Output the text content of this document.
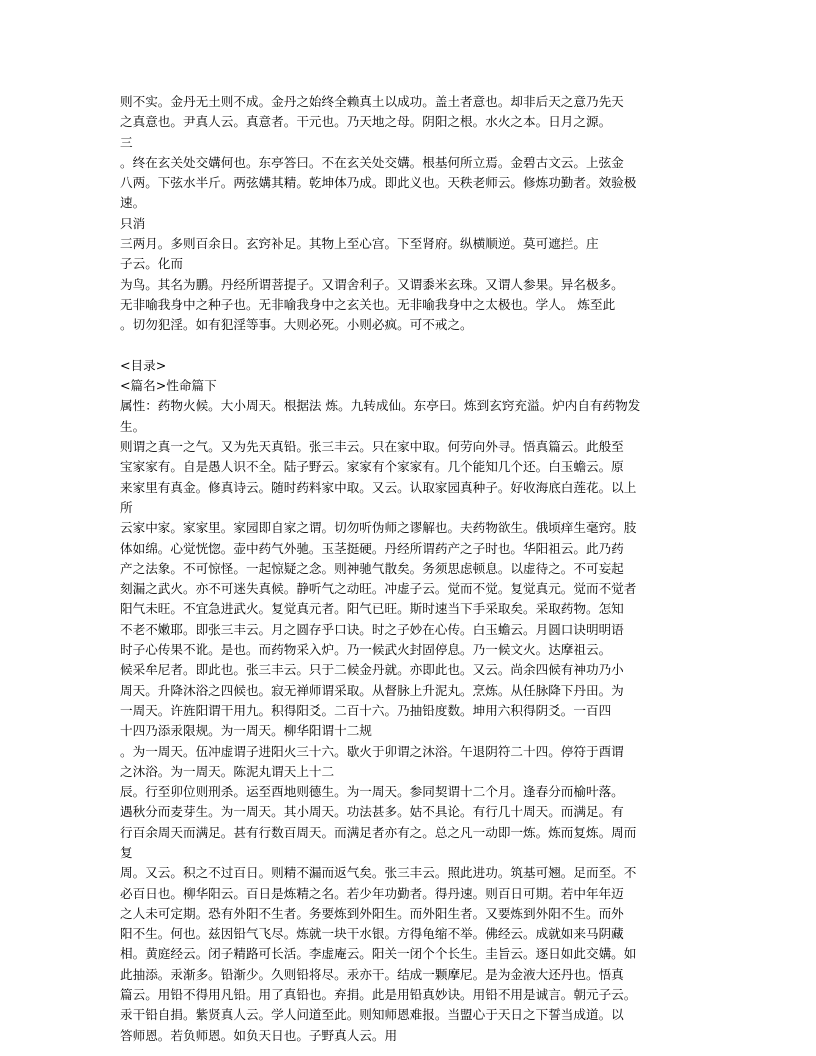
则不实。金丹无土则不成。金丹之始终全赖真土以成功。盖土者意也。却非后天之意乃先天
之真意也。尹真人云。真意者。干元也。乃天地之母。阴阳之根。水火之本。日月之源。
三
。终在玄关处交媾何也。东亭答曰。不在玄关处交媾。根基何所立焉。金碧古文云。上弦金
八两。下弦水半斤。两弦媾其精。乾坤体乃成。即此义也。天秩老师云。修炼功勤者。效验极
速。
只消
三两月。多则百余日。玄窍补足。其物上至心宫。下至肾府。纵横顺逆。莫可遮拦。庄
子云。化而
为鸟。其名为鹏。丹经所谓菩提子。又谓舍利子。又谓黍米玄珠。又谓人参果。异名极多。
无非喻我身中之种子也。无非喻我身中之玄关也。无非喻我身中之太极也。学人。 炼至此
。切勿犯淫。如有犯淫等事。大则必死。小则必疯。可不戒之。
<目录>
<篇名>性命篇下
属性：药物火候。大小周天。根据法 炼。九转成仙。东亭曰。炼到玄窍充溢。炉内自有药物发
生。
则谓之真一之气。又为先天真铅。张三丰云。只在家中取。何劳向外寻。悟真篇云。此般至
宝家家有。自是愚人识不全。陆子野云。家家有个家家有。几个能知几个还。白玉蟾云。原
来家里有真金。修真诗云。随时药料家中取。又云。认取家园真种子。好收海底白莲花。以上
所
云家中家。家家里。家园即自家之谓。切勿听伪师之谬解也。夫药物欲生。俄顷痒生毫窍。肢
体如绵。心觉恍惚。壶中药气外驰。玉茎挺硬。丹经所谓药产之子时也。华阳祖云。此乃药
产之法象。不可惊怪。一起惊疑之念。则神驰气散矣。务须思虑顿息。以虚待之。不可妄起
刻漏之武火。亦不可迷失真候。静听气之动旺。冲虚子云。觉而不觉。复觉真元。觉而不觉者
阳气未旺。不宜急进武火。复觉真元者。阳气已旺。斯时速当下手采取矣。采取药物。怎知
不老不嫩耶。即张三丰云。月之圆存乎口诀。时之子妙在心传。白玉蟾云。月圆口诀明明语
时子心传果不讹。是也。而药物采入炉。乃一候武火封固停息。乃一候文火。达摩祖云。
候采牟尼者。即此也。张三丰云。只于二候金丹就。亦即此也。又云。尚余四候有神功乃小
周天。升降沐浴之四候也。寂无禅师谓采取。从督脉上升泥丸。烹炼。从任脉降下丹田。为
一周天。许旌阳谓干用九。积得阳爻。二百十六。乃抽铅度数。坤用六积得阴爻。一百四
十四乃添汞限规。为一周天。柳华阳谓十二规
。为一周天。伍冲虚谓子进阳火三十六。歇火于卯谓之沐浴。午退阴符二十四。停符于酉谓
之沐浴。为一周天。陈泥丸谓天上十二
辰。行至卯位则刑杀。运至酉地则德生。为一周天。参同契谓十二个月。逢春分而榆叶落。
遇秋分而麦芽生。为一周天。其小周天。功法甚多。姑不具论。有行几十周天。而满足。有
行百余周天而满足。甚有行数百周天。而满足者亦有之。总之凡一动即一炼。炼而复炼。周而
复
周。又云。积之不过百日。则精不漏而返气矣。张三丰云。照此进功。筑基可翘。足而至。不
必百日也。柳华阳云。百日是炼精之名。若少年功勤者。得丹速。则百日可期。若中年年迈
之人未可定期。恐有外阳不生者。务要炼到外阳生。而外阳生者。又要炼到外阳不生。而外
阳不生。何也。兹因铅气飞尽。炼就一块干水银。方得龟缩不举。佛经云。成就如来马阴藏
相。黄庭经云。闭子精路可长活。李虚庵云。阳关一闭个个长生。圭旨云。逐日如此交媾。如
此抽添。汞渐多。铅渐少。久则铅将尽。汞亦干。结成一颗摩尼。是为金液大还丹也。悟真
篇云。用铅不得用凡铅。用了真铅也。弃捐。此是用铅真妙诀。用铅不用是诚言。朝元子云。
汞干铅自捐。紫贤真人云。学人问道至此。则知师恩难报。当盟心于天日之下誓当成道。以
答师恩。若负师恩。如负天日也。子野真人云。用
